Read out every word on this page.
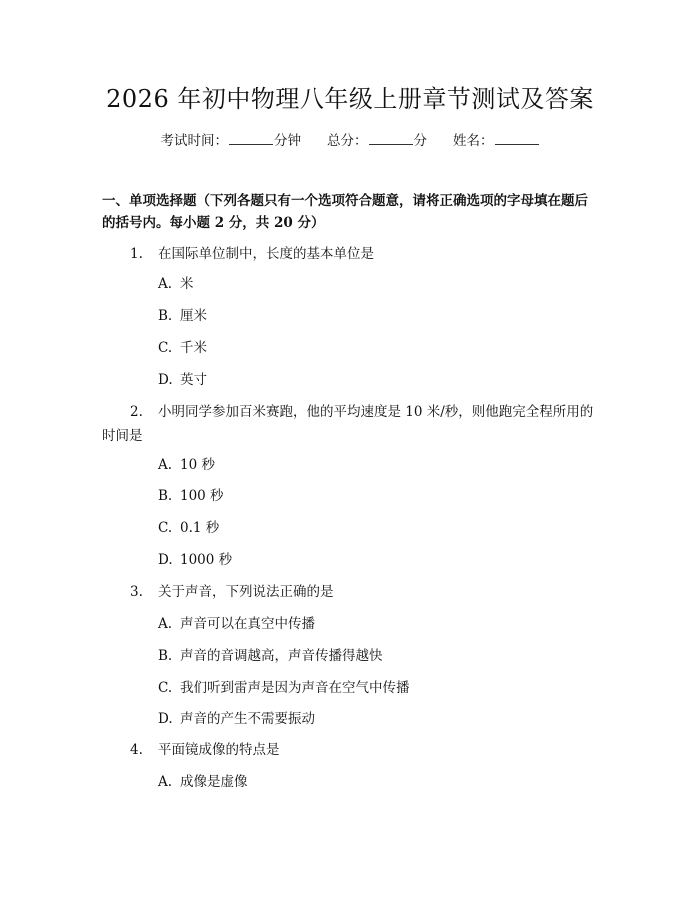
2026 年初中物理八年级上册章节测试及答案
考试时间：	分钟 总分：	分 姓名：
一、单项选择题（下列各题只有一个选项符合题意，请将正确选项的字母填在题后的括号内。每小题 2 分，共 20 分）
1. 在国际单位制中，长度的基本单位是
A. 米
B. 厘米
C. 千米
D. 英寸
2. 小明同学参加百米赛跑，他的平均速度是 10 米/秒，则他跑完全程所用的时间是
A. 10 秒
B. 100 秒
C. 0.1 秒
D. 1000 秒
3. 关于声音，下列说法正确的是
A. 声音可以在真空中传播
B. 声音的音调越高，声音传播得越快
C. 我们听到雷声是因为声音在空气中传播
D. 声音的产生不需要振动
4. 平面镜成像的特点是
A. 成像是虚像
